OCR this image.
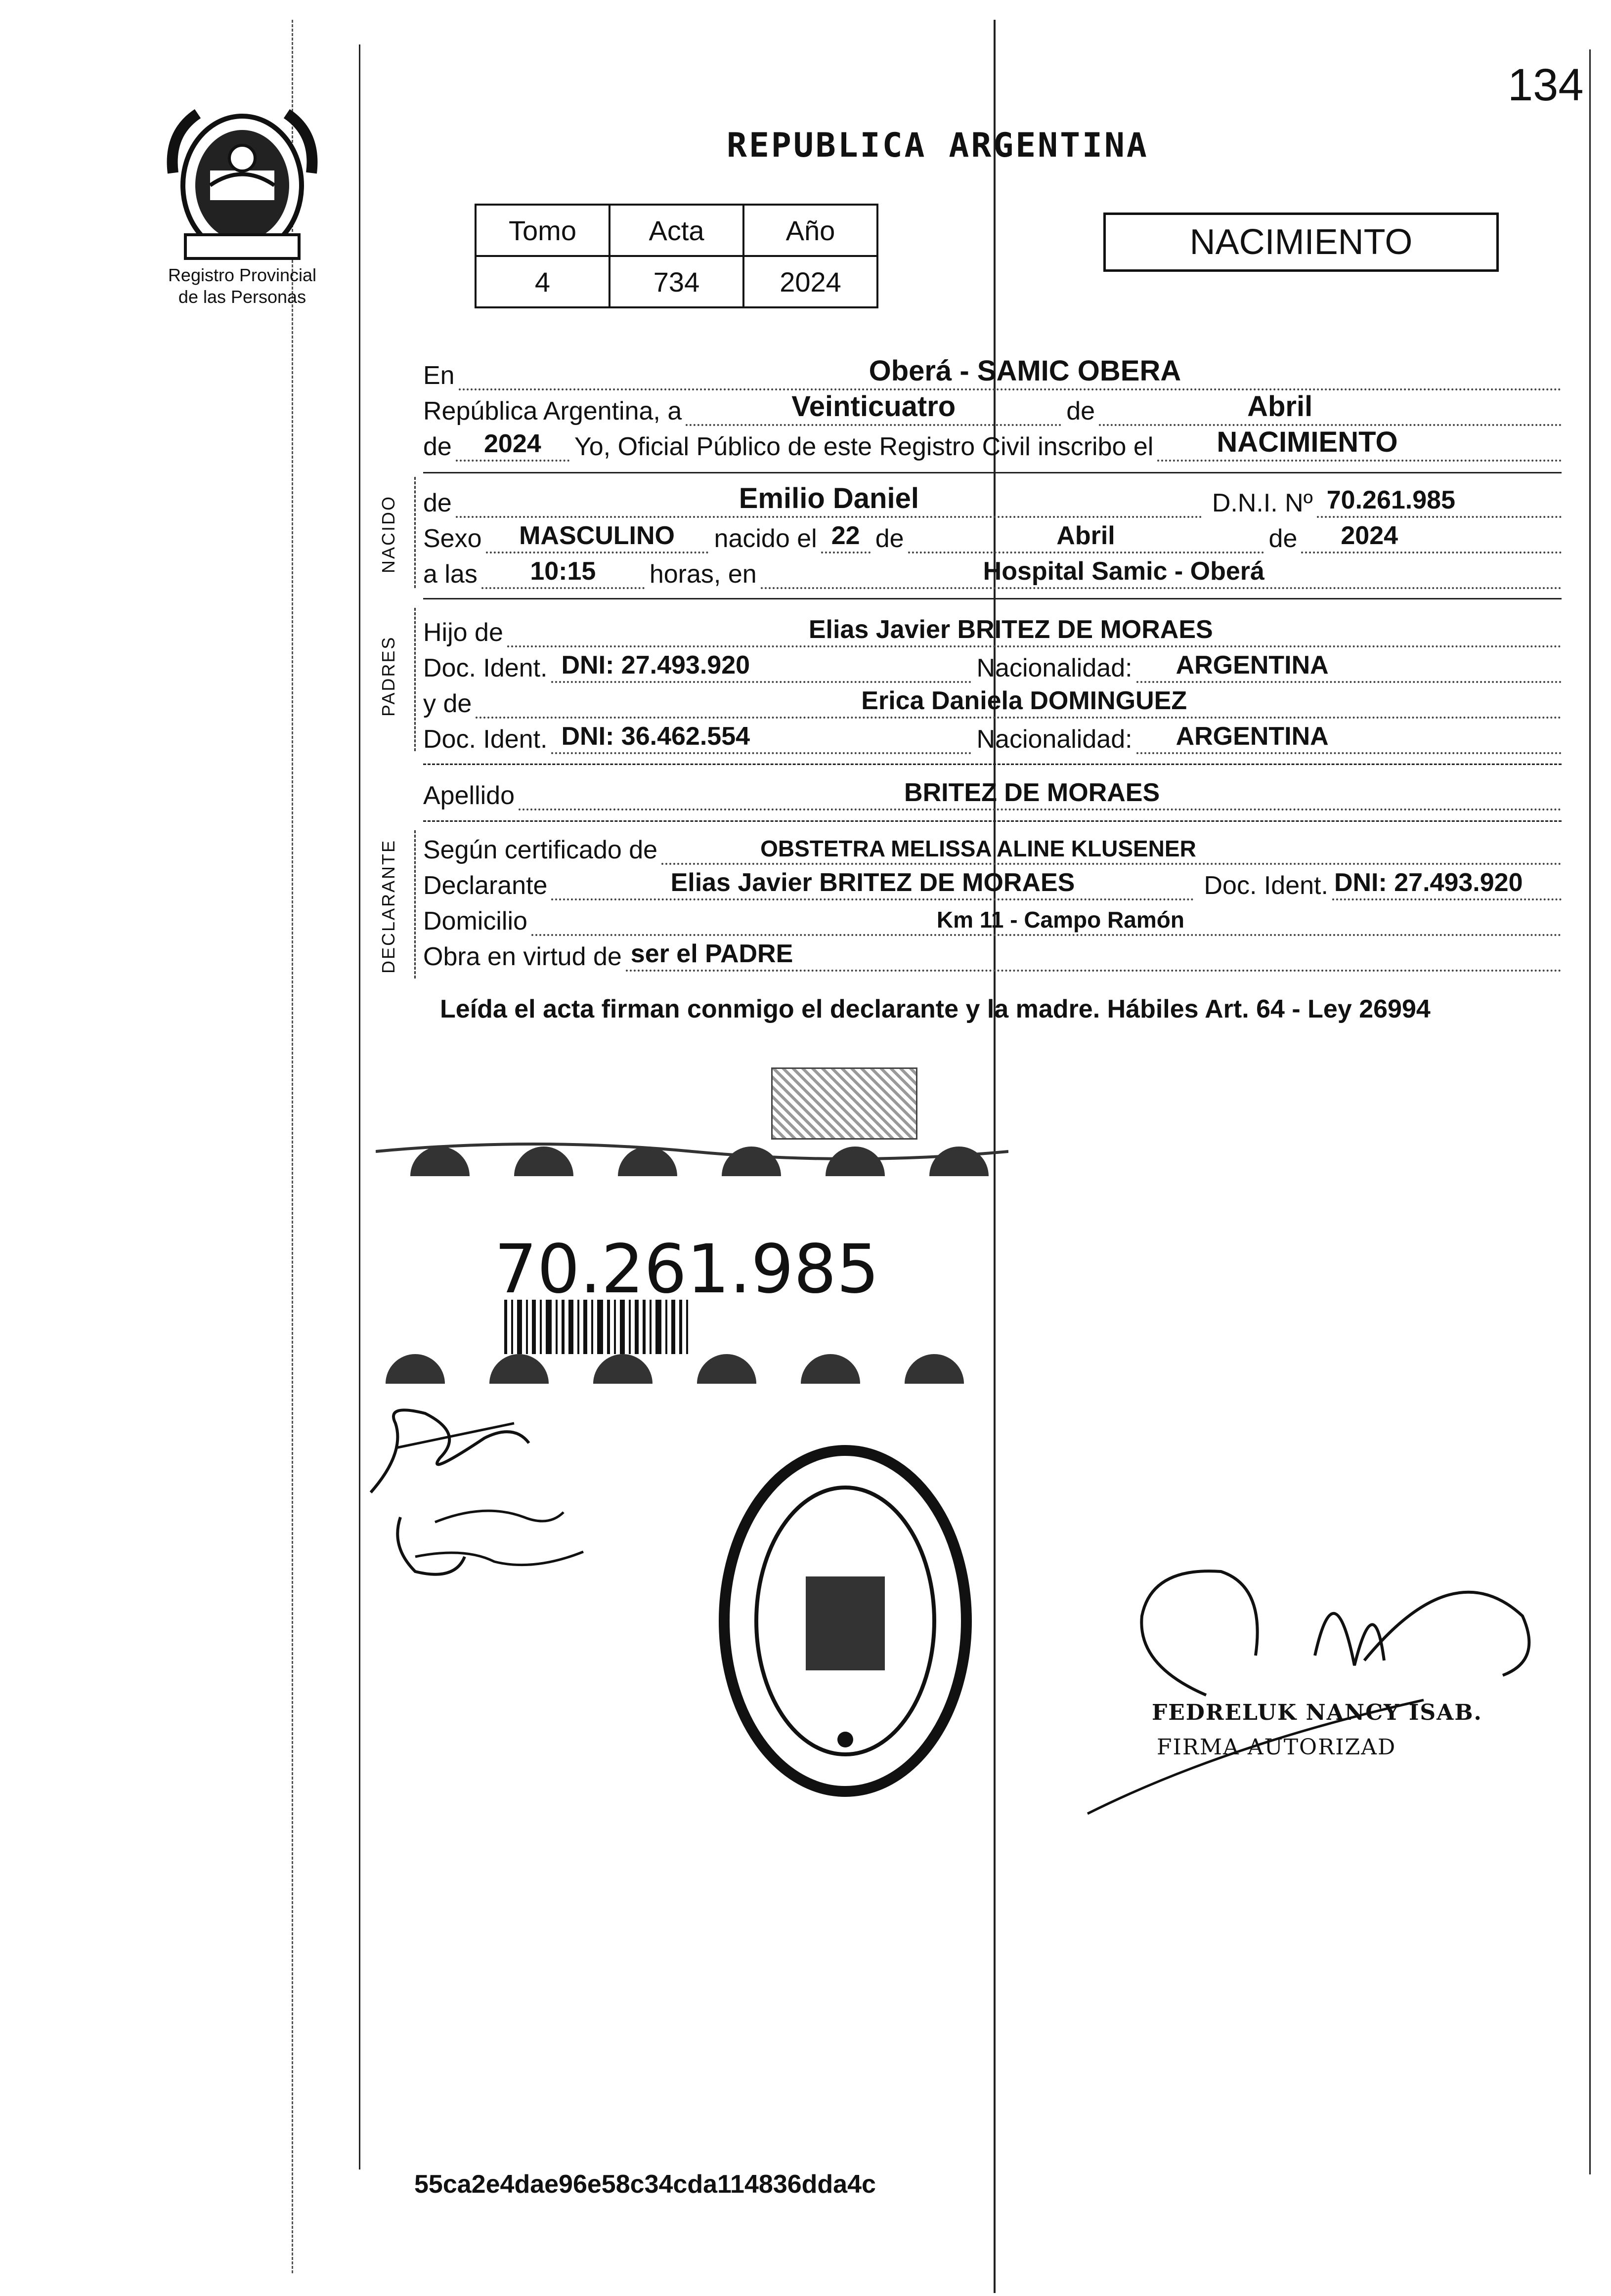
134
Registro Provincial
de las Personas
REPUBLICA ARGENTINA
Tomo	Acta	Año
4	734	2024
NACIMIENTO
En	Oberá - SAMIC OBERA
República Argentina, a	Veinticuatro	de	Abril
de	2024	Yo, Oficial Público de este Registro Civil inscribo el NACIMIENTO
NACIDO de	Emilio Daniel	D.N.I. Nº 70.261.985
Sexo	MASCULINO	nacido el 22 de	Abril	de 2024
a las	10:15	horas, en	Hospital Samic - Oberá
PADRES
Hijo de	Elias Javier BRITEZ DE MORAES
Doc. Ident. DNI: 27.493.920	Nacionalidad: ARGENTINA
y de	Erica Daniela DOMINGUEZ
Doc. Ident. DNI: 36.462.554	Nacionalidad: ARGENTINA
Apellido	BRITEZ DE MORAES
DECLARANTE Según certificado de	OBSTETRA MELISSA ALINE KLUSENER
Declarante	Elias Javier BRITEZ DE MORAES	Doc. Ident. DNI: 27.493.920
Domicilio	Km 11 - Campo Ramón
Obra en virtud de ser el PADRE
Leída el acta firman conmigo el declarante y la madre. Hábiles Art. 64 - Ley 26994
70.261.985
FEDRELUK NANCY ISAB.
FIRMA AUTORIZAD
55ca2e4dae96e58c34cda114836dda4c
